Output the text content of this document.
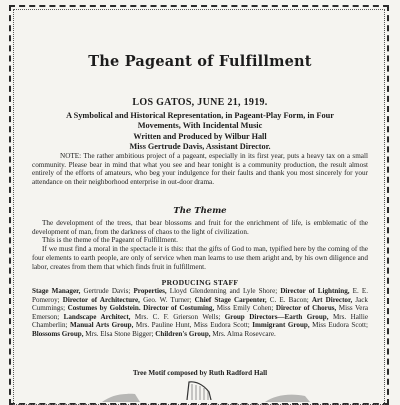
The Pageant of Fulfillment
LOS GATOS, JUNE 21, 1919.
A Symbolical and Historical Representation, in Pageant-Play Form, in Four
Movements, With Incidental Music
Written and Produced by Wilbur Hall
Miss Gertrude Davis, Assistant Director.
NOTE: The rather ambitious project of a pageant, especially in its first year, puts a heavy tax on a small community. Please bear in mind that what you see and hear tonight is a community production, the result almost entirely of the efforts of amateurs, who beg your indulgence for their faults and thank you most sincerely for your attendance on their neighborhood enterprise in out-door drama.
The Theme

The development of the trees, that bear blossoms and fruit for the enrichment of life, is emblematic of the development of man, from the darkness of chaos to the light of civilization.

This is the theme of the Pageant of Fulfillment.

If we must find a moral in the spectacle it is this: that the gifts of God to man, typified here by the coming of the four elements to earth people, are only of service when man learns to use them aright and, by his own diligence and labor, creates from them that which finds fruit in fulfillment.

PRODUCING STAFF
Stage Manager, Gertrude Davis; Properties, Lloyd Glendenning and Lyle Shore; Director of Lightning, E. E. Pomeroy; Director of Architecture, Geo. W. Turner; Chief Stage Carpenter, C. E. Bacon; Art Director, Jack Cummings; Costumes by Goldstein. Director of Costuming, Miss Emily Cohen; Director of Chorus, Miss Vera Emerson; Landscape Architect, Mrs. C. F. Grierson Wells; Group Directors—Earth Group, Mrs. Hallie Chamberlin; Manual Arts Group, Mrs. Pauline Hunt, Miss Eudora Scott; Immigrant Group, Miss Eudora Scott; Blossoms Group, Mrs. Elsa Stone Bigger; Children's Group, Mrs. Alma Rosevcare.
Tree Motif composed by Ruth Radford Hall
